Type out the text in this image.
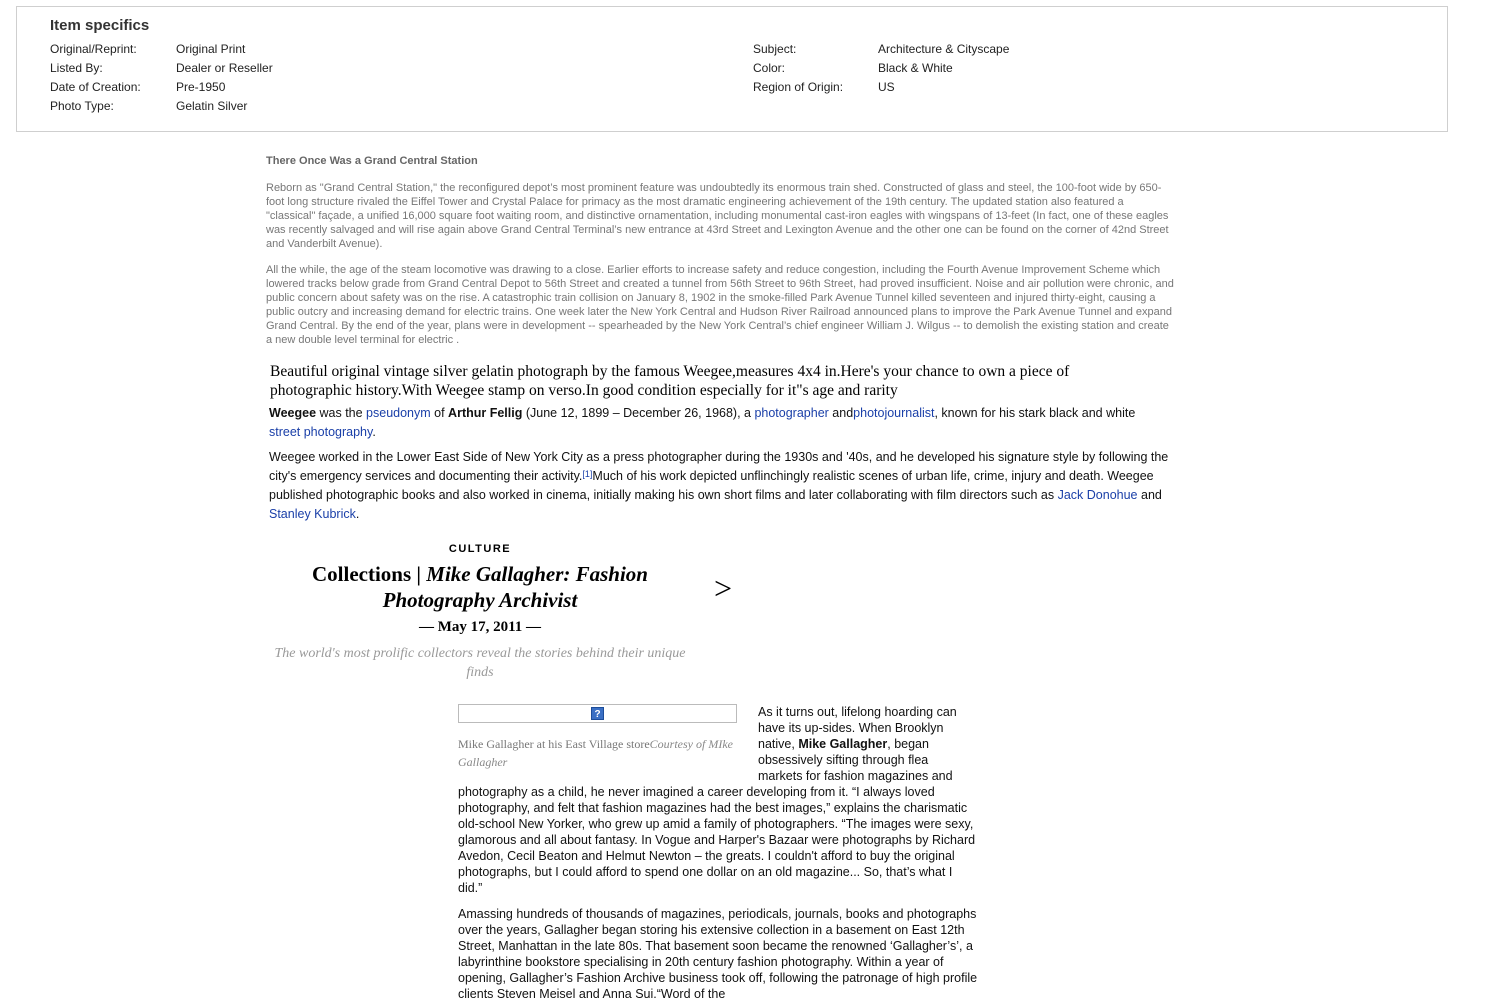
Item specifics
Original/Reprint:	Original Print
Listed By:	Dealer or Reseller
Date of Creation:	Pre-1950
Photo Type:	Gelatin Silver
Subject:	Architecture & Cityscape
Color:	Black & White
Region of Origin:	US
There Once Was a Grand Central Station
Reborn as "Grand Central Station," the reconfigured depot’s most prominent feature was undoubtedly its enormous train shed. Constructed of glass and steel, the 100-foot wide by 650-foot long structure rivaled the Eiffel Tower and Crystal Palace for primacy as the most dramatic engineering achievement of the 19th century. The updated station also featured a "classical" façade, a unified 16,000 square foot waiting room, and distinctive ornamentation, including monumental cast-iron eagles with wingspans of 13-feet (In fact, one of these eagles was recently salvaged and will rise again above Grand Central Terminal’s new entrance at 43rd Street and Lexington Avenue and the other one can be found on the corner of 42nd Street and Vanderbilt Avenue).
All the while, the age of the steam locomotive was drawing to a close. Earlier efforts to increase safety and reduce congestion, including the Fourth Avenue Improvement Scheme which lowered tracks below grade from Grand Central Depot to 56th Street and created a tunnel from 56th Street to 96th Street, had proved insufficient. Noise and air pollution were chronic, and public concern about safety was on the rise. A catastrophic train collision on January 8, 1902 in the smoke-filled Park Avenue Tunnel killed seventeen and injured thirty-eight, causing a public outcry and increasing demand for electric trains. One week later the New York Central and Hudson River Railroad announced plans to improve the Park Avenue Tunnel and expand Grand Central. By the end of the year, plans were in development -- spearheaded by the New York Central’s chief engineer William J. Wilgus -- to demolish the existing station and create a new double level terminal for electric .
Beautiful original vintage silver gelatin photograph by the famous Weegee,measures 4x4 in.Here's your chance to own a piece of photographic history.With Weegee stamp on verso.In good condition especially for it"s age and rarity
Weegee was the pseudonym of Arthur Fellig (June 12, 1899 – December 26, 1968), a photographer andphotojournalist, known for his stark black and white street photography.
Weegee worked in the Lower East Side of New York City as a press photographer during the 1930s and '40s, and he developed his signature style by following the city's emergency services and documenting their activity.[1]Much of his work depicted unflinchingly realistic scenes of urban life, crime, injury and death. Weegee published photographic books and also worked in cinema, initially making his own short films and later collaborating with film directors such as Jack Donohue and Stanley Kubrick.
CULTURE
Collections | Mike Gallagher: Fashion Photography Archivist	>
— May 17, 2011 —
The world's most prolific collectors reveal the stories behind their unique finds
?
Mike Gallagher at his East Village storeCourtesy of MIke Gallagher
As it turns out, lifelong hoarding can
have its up-sides. When Brooklyn
native, Mike Gallagher, began
obsessively sifting through flea
markets for fashion magazines and
photography as a child, he never imagined a career developing from it. “I always loved photography, and felt that fashion magazines had the best images,” explains the charismatic old-school New Yorker, who grew up amid a family of photographers. “The images were sexy, glamorous and all about fantasy. In Vogue and Harper's Bazaar were photographs by Richard Avedon, Cecil Beaton and Helmut Newton – the greats. I couldn't afford to buy the original photographs, but I could afford to spend one dollar on an old magazine... So, that’s what I did.”
Amassing hundreds of thousands of magazines, periodicals, journals, books and photographs over the years, Gallagher began storing his extensive collection in a basement on East 12th Street, Manhattan in the late 80s. That basement soon became the renowned ‘Gallagher’s’, a labyrinthine bookstore specialising in 20th century fashion photography. Within a year of opening, Gallagher’s Fashion Archive business took off, following the patronage of high profile clients Steven Meisel and Anna Sui.“Word of the
